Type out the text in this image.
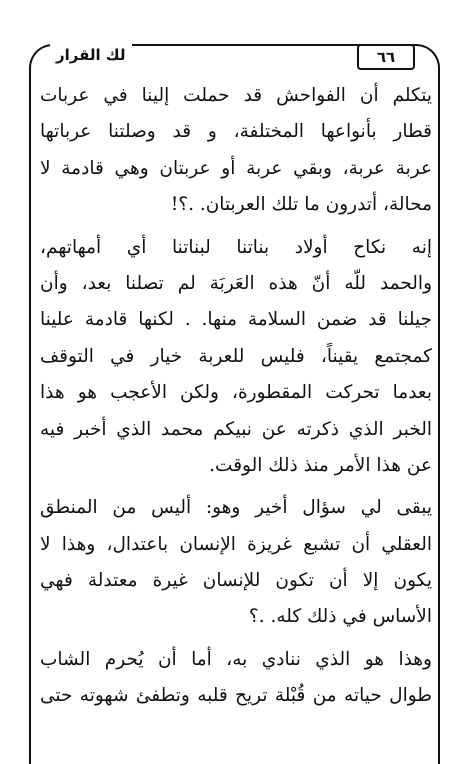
٦٦
لك القرار
يتكلم أن الفواحش قد حملت إلينا في عربات
قطار بأنواعها المختلفة، و قد وصلتنا عرباتها
عربة عربة، وبقي عربة أو عربتان وهي قادمة لا
محالة، أتدرون ما تلك العربتان. .؟!
إنه نكاح أولاد بناتنا لبناتنا أي أمهاتهم،
والحمد للّه أنّ هذه العَربَة لم تصلنا بعد، وأن
جيلنا قد ضمن السلامة منها. . لكنها قادمة علينا
كمجتمع يقيناً، فليس للعربة خيار في التوقف
بعدما تحركت المقطورة، ولكن الأعجب هو هذا
الخبر الذي ذكرته عن نبيكم محمد الذي أخبر فيه
عن هذا الأمر منذ ذلك الوقت.
يبقى لي سؤال أخير وهو: أليس من المنطق
العقلي أن تشبع غريزة الإنسان باعتدال، وهذا لا
يكون إلا أن تكون للإنسان غيرة معتدلة فهي
الأساس في ذلك كله. .؟
وهذا هو الذي ننادي به، أما أن يُحرم الشاب
طوال حياته من قُبْلة تريح قلبه وتطفئ شهوته حتى
